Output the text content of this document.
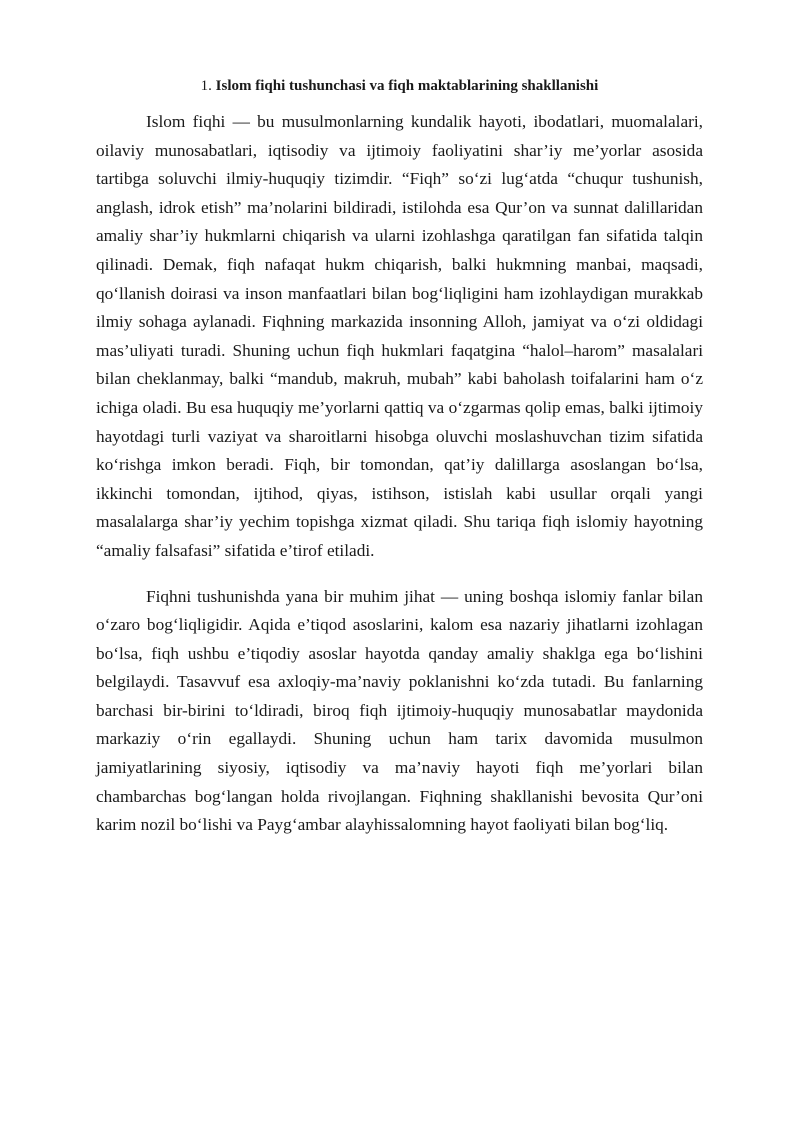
1. Islom fiqhi tushunchasi va fiqh maktablarining shakllanishi

Islom fiqhi — bu musulmonlarning kundalik hayoti, ibodatlari, muomalalari, oilaviy munosabatlari, iqtisodiy va ijtimoiy faoliyatini shar’iy me’yorlar asosida tartibga soluvchi ilmiy-huquqiy tizimdir. “Fiqh” so‘zi lug‘atda “chuqur tushunish, anglash, idrok etish” ma’nolarini bildiradi, istilohda esa Qur’on va sunnat dalillaridan amaliy shar’iy hukmlarni chiqarish va ularni izohlashga qaratilgan fan sifatida talqin qilinadi. Demak, fiqh nafaqat hukm chiqarish, balki hukmning manbai, maqsadi, qo‘llanish doirasi va inson manfaatlari bilan bog‘liqligini ham izohlaydigan murakkab ilmiy sohaga aylanadi. Fiqhning markazida insonning Alloh, jamiyat va o‘zi oldidagi mas’uliyati turadi. Shuning uchun fiqh hukmlari faqatgina “halol–harom” masalalari bilan cheklanmay, balki “mandub, makruh, mubah” kabi baholash toifalarini ham o‘z ichiga oladi. Bu esa huquqiy me’yorlarni qattiq va o‘zgarmas qolip emas, balki ijtimoiy hayotdagi turli vaziyat va sharoitlarni hisobga oluvchi moslashuvchan tizim sifatida ko‘rishga imkon beradi. Fiqh, bir tomondan, qat’iy dalillarga asoslangan bo‘lsa, ikkinchi tomondan, ijtihod, qiyas, istihson, istislah kabi usullar orqali yangi masalalarga shar’iy yechim topishga xizmat qiladi. Shu tariqa fiqh islomiy hayotning “amaliy falsafasi” sifatida e’tirof etiladi.

Fiqhni tushunishda yana bir muhim jihat — uning boshqa islomiy fanlar bilan o‘zaro bog‘liqligidir. Aqida e’tiqod asoslarini, kalom esa nazariy jihatlarni izohlagan bo‘lsa, fiqh ushbu e’tiqodiy asoslar hayotda qanday amaliy shaklga ega bo‘lishini belgilaydi. Tasavvuf esa axloqiy-ma’naviy poklanishni ko‘zda tutadi. Bu fanlarning barchasi bir-birini to‘ldiradi, biroq fiqh ijtimoiy-huquqiy munosabatlar maydonida markaziy o‘rin egallaydi. Shuning uchun ham tarix davomida musulmon jamiyatlarining siyosiy, iqtisodiy va ma’naviy hayoti fiqh me’yorlari bilan chambarchas bog‘langan holda rivojlangan. Fiqhning shakllanishi bevosita Qur’oni karim nozil bo‘lishi va Payg‘ambar alayhissalomning hayot faoliyati bilan bog‘liq.
